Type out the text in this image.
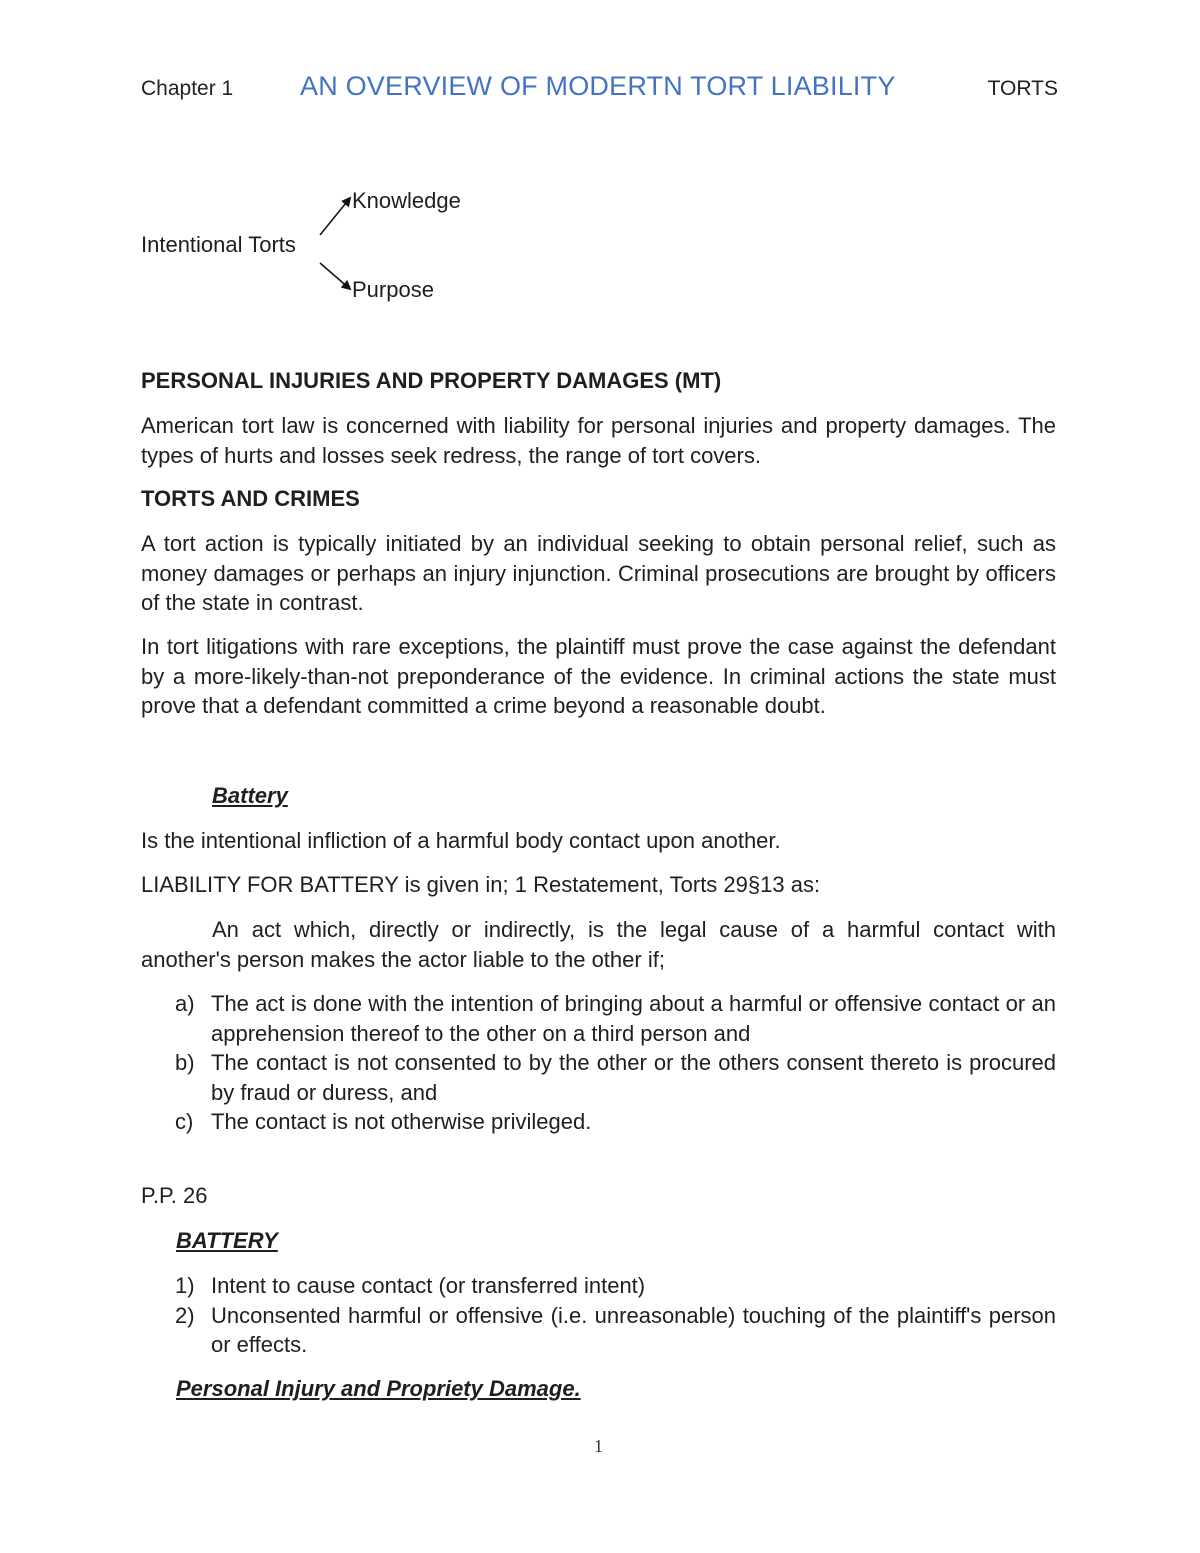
Chapter 1 AN OVERVIEW OF MODERTN TORT LIABILITY	TORTS
Intentional Torts
Knowledge
Purpose
PERSONAL INJURIES AND PROPERTY DAMAGES (MT)
American tort law is concerned with liability for personal injuries and property damages. The types of hurts and losses seek redress, the range of tort covers.
TORTS AND CRIMES
A tort action is typically initiated by an individual seeking to obtain personal relief, such as money damages or perhaps an injury injunction. Criminal prosecutions are brought by officers of the state in contrast.
In tort litigations with rare exceptions, the plaintiff must prove the case against the defendant by a more-likely-than-not preponderance of the evidence. In criminal actions the state must prove that a defendant committed a crime beyond a reasonable doubt.
Battery
Is the intentional infliction of a harmful body contact upon another.
LIABILITY FOR BATTERY is given in; 1 Restatement, Torts 29§13 as:
An act which, directly or indirectly, is the legal cause of a harmful contact with another's person makes the actor liable to the other if;
a) The act is done with the intention of bringing about a harmful or offensive contact or an apprehension thereof to the other on a third person and
b) The contact is not consented to by the other or the others consent thereto is procured by fraud or duress, and
c) The contact is not otherwise privileged.
P.P. 26
BATTERY
1) Intent to cause contact (or transferred intent)
2) Unconsented harmful or offensive (i.e. unreasonable) touching of the plaintiff's person or effects.
Personal Injury and Propriety Damage.
1
